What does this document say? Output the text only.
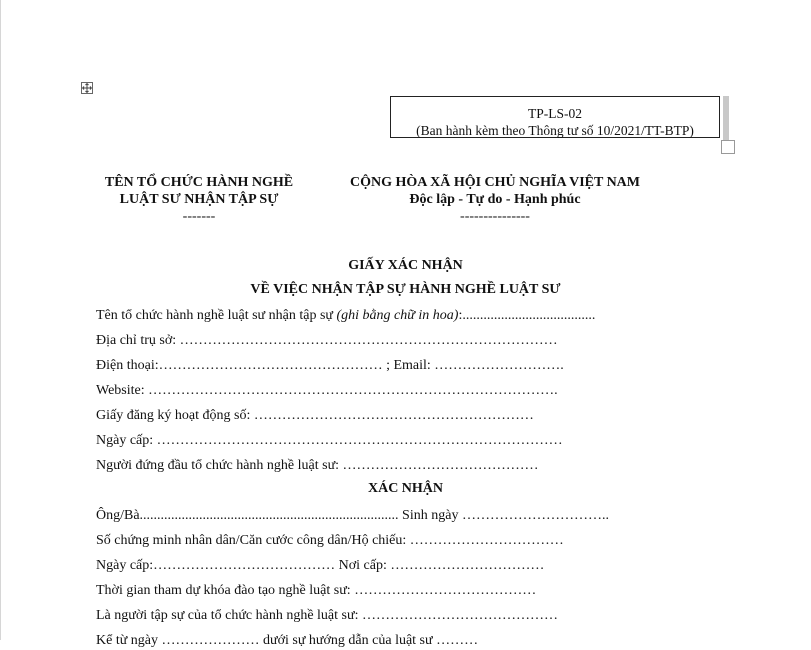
TP-LS-02
(Ban hành kèm theo Thông tư số 10/2021/TT-BTP)
TÊN TỔ CHỨC HÀNH NGHỀ
LUẬT SƯ NHẬN TẬP SỰ
-------
CỘNG HÒA XÃ HỘI CHỦ NGHĨA VIỆT NAM
Độc lập - Tự do - Hạnh phúc
---------------
GIẤY XÁC NHẬN
VỀ VIỆC NHẬN TẬP SỰ HÀNH NGHỀ LUẬT SƯ
Tên tổ chức hành nghề luật sư nhận tập sự (ghi bằng chữ in hoa):......................................
Địa chỉ trụ sở: ………………………………………………………………………
Điện thoại:………………………………………… ; Email: ……………………….
Website: …………………………………………………………………………….
Giấy đăng ký hoạt động số: ……………………………………………………
Ngày cấp: ……………………………………………………………………………
Người đứng đầu tổ chức hành nghề luật sư: ……………………………………
XÁC NHẬN
Ông/Bà.......................................................................... Sinh ngày …………………………..
Số chứng minh nhân dân/Căn cước công dân/Hộ chiếu: ……………………………
Ngày cấp:………………………………… Nơi cấp: ……………………………
Thời gian tham dự khóa đào tạo nghề luật sư: …………………………………
Là người tập sự của tổ chức hành nghề luật sư: ……………………………………
Kể từ ngày ………………… dưới sự hướng dẫn của luật sư ………
